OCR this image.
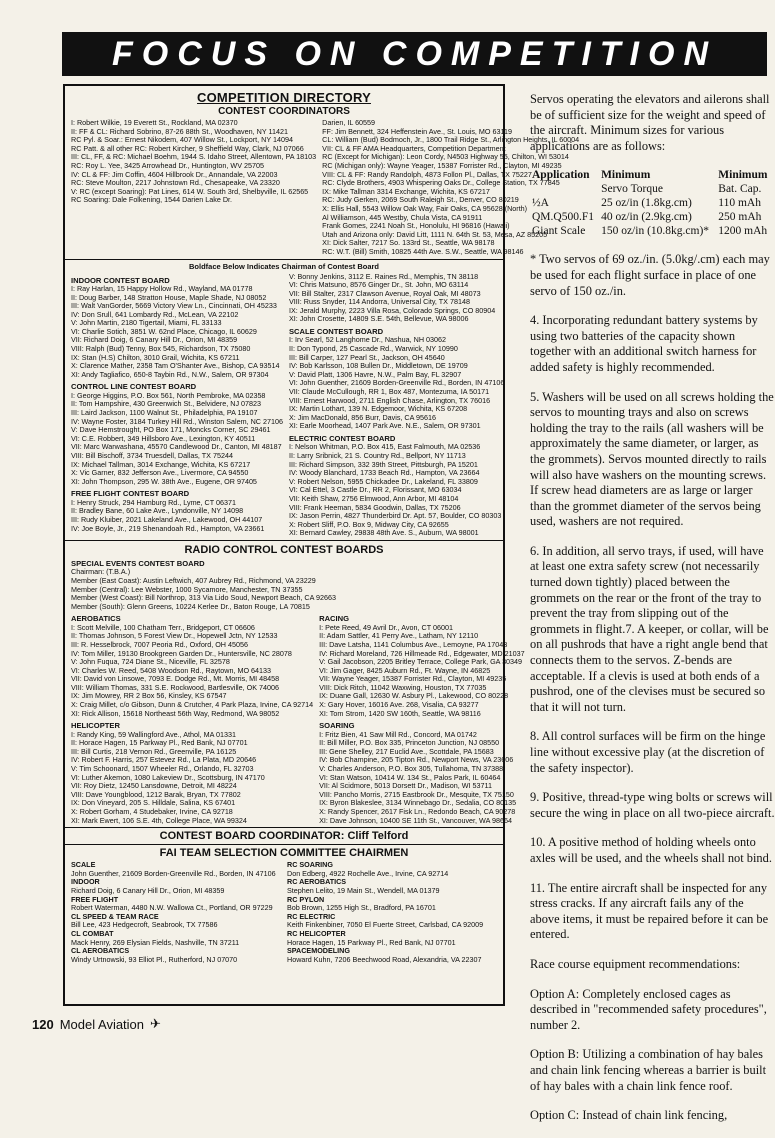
FOCUS ON COMPETITION
COMPETITION DIRECTORY
CONTEST COORDINATORS
I: Robert Wilkie, 19 Everett St., Rockland, MA 02370
II: FF & CL: Richard Sobrino, 87-26 88th St., Woodhaven, NY 11421
RC Pyl. & Soar.: Ernest Nikodem, 407 Willow St., Lockport, NY 14094
RC Patt. & all other RC: Robert Kircher, 9 Sheffield Way, Clark, NJ 07066
III: CL, FF, & RC: Michael Boehm, 1944 S. Idaho Street, Allentown, PA 18103
RC: Roy L. Yee, 3425 Arrowhead Dr., Huntington, WV 25705
IV: CL & FF: Jim Coffin, 4604 Hillbrook Dr., Annandale, VA 22003
RC: Steve Moulton, 2217 Johnstown Rd., Chesapeake, VA 23320
V: RC (except Soaring): Pat Lines, 614 W. South 3rd, Shelbyville, IL 62565
RC Soaring: Dale Folkening, 1544 Darien Lake Dr.
Darien, IL 60559
FF: Jim Bennett, 324 Heffenstein Ave., St. Louis, MO 63119
CL: William (Bud) Bodmoch, Jr., 1800 Trail Ridge St., Arlington Heights, IL 60004
VII: CL & FF AMA Headquarters, Competition Department
RC (Except for Michigan): Leon Cordy, N4503 Highway 55, Chilton, WI 53014
RC (Michigan only): Wayne Yeager, 15387 Forrister Rd., Clayton, MI 49235
VIII: CL & FF: Randy Randolph, 4873 Follon Pl., Dallas, TX 75227
RC: Clyde Brothers, 4903 Whispering Oaks Dr., College Station, TX 77845
IX: Mike Tallman 3314 Exchange, Wichita, KS 67217
RC: Judy Gerken, 2069 South Raleigh St., Denver, CO 80219
X: Ellis Hall, 5543 Willow Oak Way, Fair Oaks, CA 95628 (North)
Al Williamson, 445 Westby, Chula Vista, CA 91911
Frank Gomes, 2241 Noah St., Honolulu, HI 96816 (Hawaii)
Utah and Arizona only: David Litt, 1111 N. 64th St. 53, Mesa, AZ 85205
XI: Dick Salter, 7217 So. 133rd St., Seattle, WA 98178
RC: W.T. (Bill) Smith, 10825 44th Ave. S.W., Seattle, WA 98146
Boldface Below Indicates Chairman of Contest Board
INDOOR CONTEST BOARD
I: Ray Harlan, 15 Happy Hollow Rd., Wayland, MA 01778
II: Doug Barber, 148 Stratton House, Maple Shade, NJ 08052
III: Walt VanGorder, 5669 Victory View Ln., Cincinnati, OH 45233
IV: Don Srull, 641 Lombardy Rd., McLean, VA 22102
V: John Martin, 2180 Tigertail, Miami, FL 33133
VI: Charlie Sotich, 3851 W. 62nd Place, Chicago, IL 60629
VII: Richard Doig, 6 Canary Hill Dr., Orion, MI 48359
VIII: Ralph (Bud) Tenny, Box 545, Richardson, TX 75080
IX: Stan (H.S) Chilton, 3010 Grail, Wichita, KS 67211
X: Clarence Mather, 2358 Tam O'Shanter Ave., Bishop, CA 93514
XI: Andy Tagliafico, 650-8 Taybin Rd., N.W., Salem, OR 97304
CONTROL LINE CONTEST BOARD
I: George Higgins, P.O. Box 561, North Pembroke, MA 02358
II: Tom Hampshire, 430 Greenwich St., Belvidere, NJ 07823
III: Laird Jackson, 1100 Walnut St., Philadelphia, PA 19107
IV: Wayne Foster, 3184 Turkey Hill Rd., Winston Salem, NC 27106
V: Dave Hemstrought, PO Box 171, Moncks Corner, SC 29461
VI: C.E. Robbert, 349 Hillsboro Ave., Lexington, KY 40511
VII: Marc Warwashana, 45570 Candlewood Dr., Canton, MI 48187
VIII: Bill Bischoff, 3734 Truesdell, Dallas, TX 75244
IX: Michael Tallman, 3014 Exchange, Wichita, KS 67217
X: Vic Garner, 832 Jefferson Ave., Livermore, CA 94550
XI: John Thompson, 295 W. 38th Ave., Eugene, OR 97405
FREE FLIGHT CONTEST BOARD
I: Henry Struck, 294 Hamburg Rd., Lyme, CT 06371
II: Bradley Bane, 60 Lake Ave., Lyndonville, NY 14098
III: Rudy Kluiber, 2021 Lakeland Ave., Lakewood, OH 44107
IV: Joe Boyle, Jr., 219 Shenandoah Rd., Hampton, VA 23661
V: Bonny Jenkins, 3112 E. Raines Rd., Memphis, TN 38118
VI: Chris Matsuno, 8576 Ginger Dr., St. John, MO 63114
VII: Bill Stalter, 2317 Clawson Avenue, Royal Oak, MI 48073
VIII: Russ Snyder, 114 Andorra, Universal City, TX 78148
IX: Jerald Murphy, 2223 Villa Rosa, Colorado Springs, CO 80904
XI: John Crosette, 14809 S.E. 54th, Bellevue, WA 98006
SCALE CONTEST BOARD
I: Irv Searl, 52 Langhome Dr., Nashua, NH 03062
II: Don Typond, 25 Cascade Rd., Warwick, NY 10990
III: Bill Carper, 127 Pearl St., Jackson, OH 45640
IV: Bob Karlsson, 108 Bullen Dr., Middletown, DE 19709
V: David Platt, 1306 Havre, N.W., Palm Bay, FL 32907
VI: John Guenther, 21609 Borden-Greenville Rd., Borden, IN 47106
VII: Claude McCullough, RR 1, Box 487, Montezuma, IA 50171
VIII: Ernest Harwood, 2711 English Chase, Arlington, TX 76016
IX: Martin Lothart, 139 N. Edgemoor, Wichita, KS 67208
X: Jim MacDonald, 856 Burr, Davis, CA 95616
XI: Earle Moorhead, 1407 Park Ave. N.E., Salem, OR 97301
ELECTRIC CONTEST BOARD
I: Nelson Whitman, P.O. Box 415, East Falmouth, MA 02536
II: Larry Sribnick, 21 S. Country Rd., Bellport, NY 11713
III: Richard Simpson, 332 39th Street, Pittsburgh, PA 15201
IV: Woody Blanchard, 1733 Beach Rd., Hampton, VA 23664
V: Robert Nelson, 5955 Chickadee Dr., Lakeland, FL 33809
VI: Cal Ettel, 3 Castle Dr., RR 2, Florissant, MO 63034
VII: Keith Shaw, 2756 Elmwood, Ann Arbor, MI 48104
VIII: Frank Heeman, 5834 Goodwin, Dallas, TX 75206
IX: Jason Perrin, 4827 Thunderbird Dr. Apt. 57, Boulder, CO 80303
X: Robert Sliff, P.O. Box 9, Midway City, CA 92655
XI: Bernard Cawley, 29838 48th Ave. S., Auburn, WA 98001
RADIO CONTROL CONTEST BOARDS
SPECIAL EVENTS CONTEST BOARD
Chairman: (T.B.A.)
Member (East Coast): Austin Leftwich, 407 Aubrey Rd., Richmond, VA 23229
Member (Central): Lee Webster, 1000 Sycamore, Manchester, TN 37355
Member (West Coast): Bill Northrop, 313 Via Lido Soud, Newport Beach, CA 92663
Member (South): Glenn Greens, 10224 Kerlee Dr., Baton Rouge, LA 70815
AEROBATICS
I: Scott Melville, 100 Chatham Terr., Bridgeport, CT 06606
II: Thomas Johnson, 5 Forest View Dr., Hopewell Jctn, NY 12533
III: R. Hesselbrock, 7007 Peoria Rd., Oxford, OH 45056
IV: Tom Miller, 19130 Brookgreen Garden Dr., Huntersville, NC 28078
V: John Fuqua, 724 Diane St., Niceville, FL 32578
VI: Charles W. Reed, 5408 Woodson Rd., Raytown, MO 64133
VII: David von Linsowe, 7093 E. Dodge Rd., Mt. Morris, MI 48458
VIII: William Thomas, 331 S.E. Rockwood, Bartlesville, OK 74006
IX: Jim Mowrey, RR 2 Box 56, Kinsley, KS 67547
X: Craig Millet, c/o Gibson, Dunn & Crutcher, 4 Park Plaza, Irvine, CA 92714
XI: Rick Allison, 15618 Northeast 56th Way, Redmond, WA 98052
HELICOPTER
I: Randy King, 59 Wallingford Ave., Athol, MA 01331
II: Horace Hagen, 15 Parkway Pl., Red Bank, NJ 07701
III: Bill Curtis, 218 Vernon Rd., Greenville, PA 16125
IV: Robert F. Harris, 257 Estevez Rd., La Plata, MD 20646
V: Tim Schoonard, 1507 Wheeler Rd., Orlando, FL 32703
VI: Luther Akemon, 1080 Lakeview Dr., Scottsburg, IN 47170
VII: Roy Dietz, 12450 Lansdowne, Detroit, MI 48224
VIII: Dave Youngblood, 1212 Barak, Bryan, TX 77802
IX: Don Vineyard, 205 S. Hilldale, Salina, KS 67401
X: Robert Gorham, 4 Studebaker, Irvine, CA 92718
XI: Mark Ewert, 106 S.E. 4th, College Place, WA 99324
RACING
I: Pete Reed, 49 Avril Dr., Avon, CT 06001
II: Adam Sattler, 41 Perry Ave., Latham, NY 12110
III: Dave Latsha, 1141 Columbus Ave., Lemoyne, PA 17043
IV: Richard Moreland, 726 Hillmeade Rd., Edgewater, MD 21037
V: Gail Jacobson, 2205 Britley Terrace, College Park, GA 30349
VI: Jim Gager, 8425 Auburn Rd., Ft. Wayne, IN 46825
VII: Wayne Yeager, 15387 Forrister Rd., Clayton, MI 49235
VIII: Dick Ritch, 11042 Waxwing, Houston, TX 77035
IX: Duane Gall, 12630 W. Asbury Pl., Lakewood, CO 80228
X: Gary Hover, 16016 Ave. 268, Visalia, CA 93277
XI: Tom Strom, 1420 SW 160th, Seattle, WA 98116
SOARING
I: Fritz Bien, 41 Saw Mill Rd., Concord, MA 01742
II: Bill Miller, P.O. Box 335, Princeton Junction, NJ 08550
III: Gene Shelley, 217 Euclid Ave., Scottdale, PA 15683
IV: Bob Champine, 205 Tipton Rd., Newport News, VA 23606
V: Charles Anderson, P.O. Box 305, Tullahoma, TN 37388
VI: Stan Watson, 10414 W. 134 St., Palos Park, IL 60464
VII: Al Scidmore, 5013 Dorsett Dr., Madison, WI 53711
VIII: Pancho Morris, 2715 Eastbrook Dr., Mesquite, TX 75150
IX: Byron Blakeslee, 3134 Winnebago Dr., Sedalia, CO 80135
X: Randy Spencer, 2617 Fisk Ln., Redondo Beach, CA 90278
XI: Dave Johnson, 10400 SE 11th St., Vancouver, WA 98664
CONTEST BOARD COORDINATOR: Cliff Telford
FAI TEAM SELECTION COMMITTEE CHAIRMEN
SCALE
John Guenther, 21609 Borden-Greenville Rd., Borden, IN 47106
INDOOR
Richard Doig, 6 Canary Hill Dr., Orion, MI 48359
FREE FLIGHT
Robert Waterman, 4480 N.W. Wallowa Ct., Portland, OR 97229
CL SPEED & TEAM RACE
Bill Lee, 423 Hedgecroft, Seabrook, TX 77586
CL COMBAT
Mack Henry, 269 Elysian Fields, Nashville, TN 37211
CL AEROBATICS
Windy Urtnowski, 93 Elliot Pl., Rutherford, NJ 07070
RC SOARING
Don Edberg, 4922 Rochelle Ave., Irvine, CA 92714
RC AEROBATICS
Stephen Lelito, 19 Main St., Wendell, MA 01379
RC PYLON
Bob Brown, 1255 High St., Bradford, PA 16701
RC ELECTRIC
Keith Finkenbiner, 7050 El Fuerte Street, Carlsbad, CA 92009
RC HELICOPTER
Horace Hagen, 15 Parkway Pl., Red Bank, NJ 07701
SPACEMODELING
Howard Kuhn, 7206 Beechwood Road, Alexandria, VA 22307

Servos operating the elevators and ailerons shall be of sufficient size for the weight and speed of the aircraft. Minimum sizes for various applications are as follows:

Application	Minimum	Minimum
	Servo Torque	Bat. Cap.
½A	25 oz/in (1.8kg.cm)	110 mAh
QM.Q500.F1	40 oz/in (2.9kg.cm)	250 mAh
Giant Scale	150 oz/in (10.8kg.cm)*	1200 mAh

* Two servos of 69 oz./in. (5.0kg/.cm) each may be used for each flight surface in place of one servo of 150 oz./in.

4. Incorporating redundant battery systems by using two batteries of the capacity shown together with an additional switch harness for added safety is highly recommended.

5. Washers will be used on all screws holding the servos to mounting trays and also on screws holding the tray to the rails (all washers will be approximately the same diameter, or larger, as the grommets). Servos mounted directly to rails will also have washers on the mounting screws. If screw head diameters are as large or larger than the grommet diameter of the servos being used, washers are not required.

6. In addition, all servo trays, if used, will have at least one extra safety screw (not necessarily turned down tightly) placed between the grommets on the rear or the front of the tray to prevent the tray from slipping out of the grommets in flight.7. A keeper, or collar, will be on all pushrods that have a right angle bend that connects them to the servos. Z-bends are acceptable. If a clevis is used at both ends of a pushrod, one of the clevises must be secured so that it will not turn.

8. All control surfaces will be firm on the hinge line without excessive play (at the discretion of the safety inspector).

9. Positive, thread-type wing bolts or screws will secure the wing in place on all two-piece aircraft.

10. A positive method of holding wheels onto axles will be used, and the wheels shall not bind.

11. The entire aircraft shall be inspected for any stress cracks. If any aircraft fails any of the above items, it must be repaired before it can be entered.

Race course equipment recommendations:

Option A: Completely enclosed cages as described in "recommended safety procedures", number 2.

Option B: Utilizing a combination of hay bales and chain link fencing whereas a barrier is built of hay bales with a chain link fence roof.

Option C: Instead of chain link fencing,

120 Model Aviation ✈
